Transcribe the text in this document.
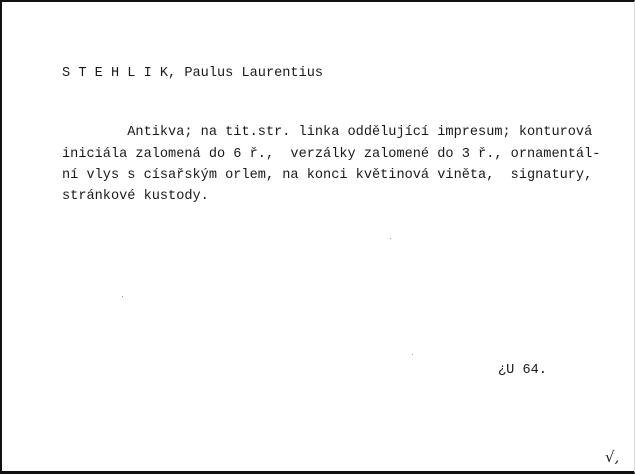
S T E H L I K, Paulus Laurentius
Antikva; na tit.str. linka oddělující impresum; konturová
iniciála zalomená do 6 ř.,  verzálky zalomené do 3 ř., ornamentál-
ní vlys s císařským orlem, na konci květinová viněta,  signatury,
stránkové kustody.
¿U 64.
√,
